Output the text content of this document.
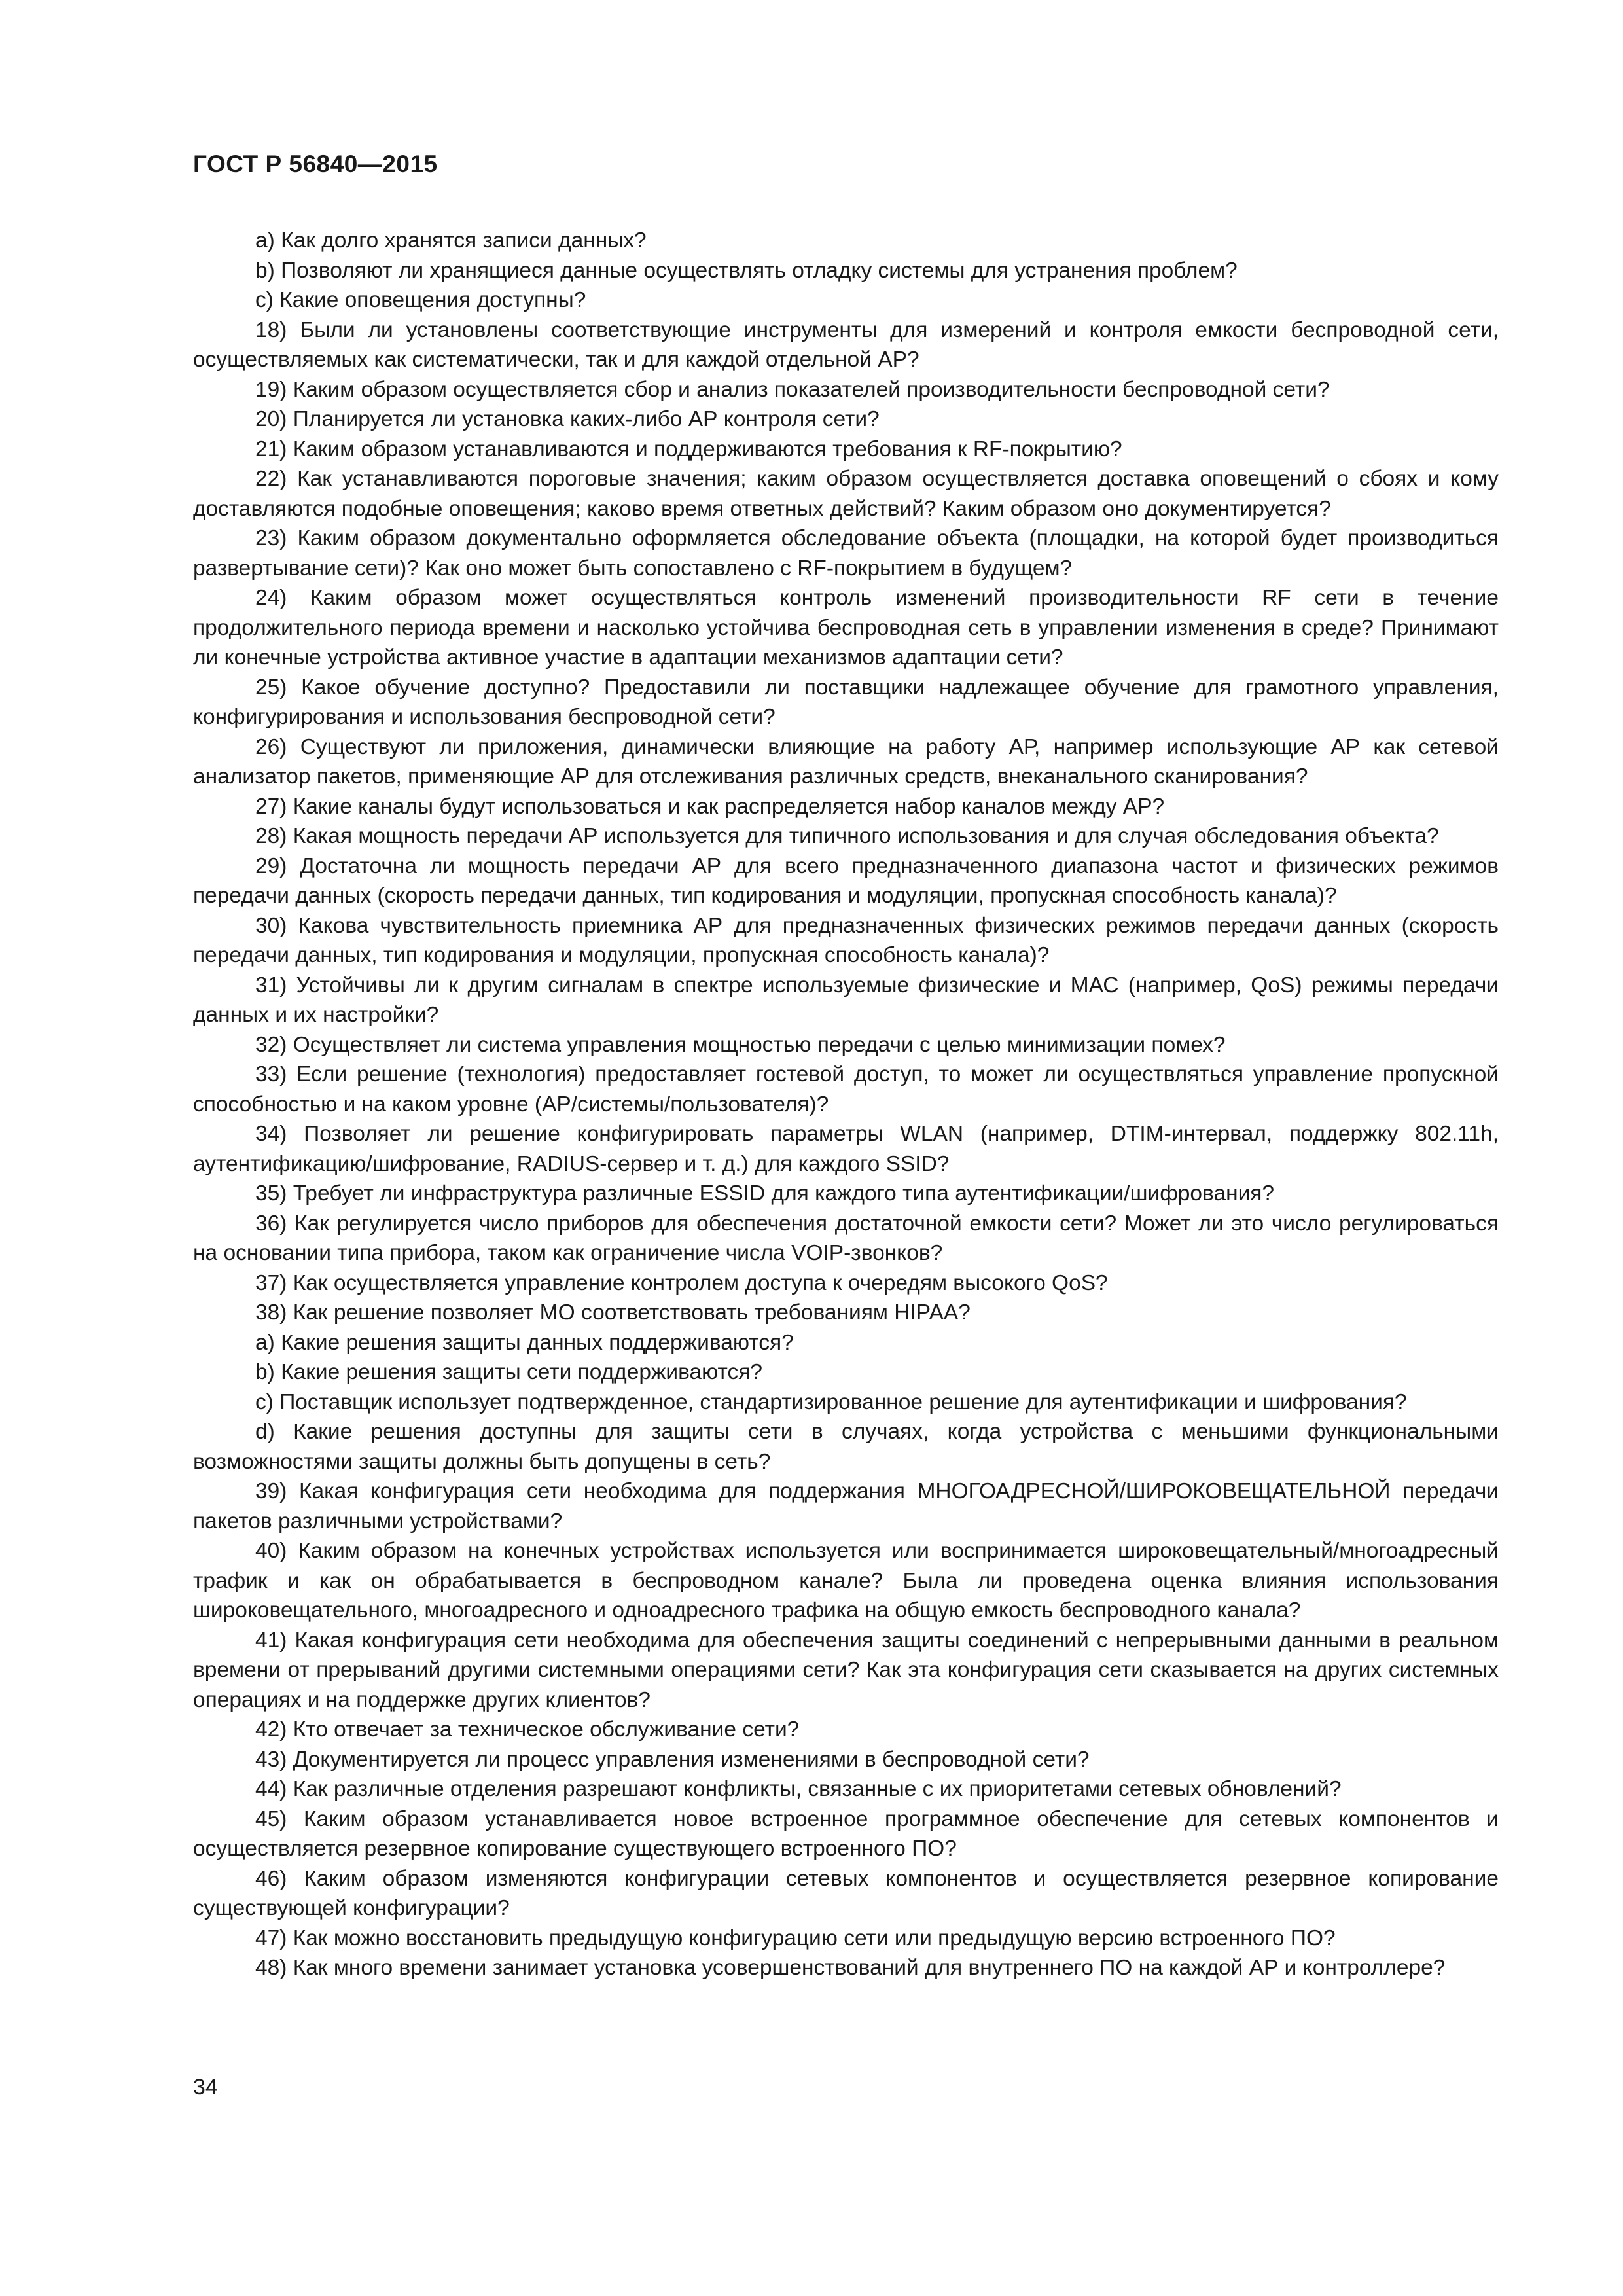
ГОСТ Р 56840—2015

a) Как долго хранятся записи данных?

b) Позволяют ли хранящиеся данные осуществлять отладку системы для устранения проблем?

c) Какие оповещения доступны?

18) Были ли установлены соответствующие инструменты для измерений и контроля емкости беспроводной сети, осуществляемых как систематически, так и для каждой отдельной АР?

19) Каким образом осуществляется сбор и анализ показателей производительности беспроводной сети?

20) Планируется ли установка каких-либо АР контроля сети?

21) Каким образом устанавливаются и поддерживаются требования к RF-покрытию?

22) Как устанавливаются пороговые значения; каким образом осуществляется доставка оповещений о сбоях и кому доставляются подобные оповещения; каково время ответных действий? Каким образом оно документируется?

23) Каким образом документально оформляется обследование объекта (площадки, на которой будет производиться развертывание сети)? Как оно может быть сопоставлено с RF-покрытием в будущем?

24) Каким образом может осуществляться контроль изменений производительности RF сети в течение продолжительного периода времени и насколько устойчива беспроводная сеть в управлении изменения в среде? Принимают ли конечные устройства активное участие в адаптации механизмов адаптации сети?

25) Какое обучение доступно? Предоставили ли поставщики надлежащее обучение для грамотного управления, конфигурирования и использования беспроводной сети?

26) Существуют ли приложения, динамически влияющие на работу АР, например использующие АР как сетевой анализатор пакетов, применяющие АР для отслеживания различных средств, внеканального сканирования?

27) Какие каналы будут использоваться и как распределяется набор каналов между АР?

28) Какая мощность передачи АР используется для типичного использования и для случая обследования объекта?

29) Достаточна ли мощность передачи АР для всего предназначенного диапазона частот и физических режимов передачи данных (скорость передачи данных, тип кодирования и модуляции, пропускная способность канала)?

30) Какова чувствительность приемника АР для предназначенных физических режимов передачи данных (скорость передачи данных, тип кодирования и модуляции, пропускная способность канала)?

31) Устойчивы ли к другим сигналам в спектре используемые физические и МАС (например, QoS) режимы передачи данных и их настройки?

32) Осуществляет ли система управления мощностью передачи с целью минимизации помех?

33) Если решение (технология) предоставляет гостевой доступ, то может ли осуществляться управление пропускной способностью и на каком уровне (АР/системы/пользователя)?

34) Позволяет ли решение конфигурировать параметры WLAN (например, DTIM-интервал, поддержку 802.11h, аутентификацию/шифрование, RADIUS-сервер и т. д.) для каждого SSID?

35) Требует ли инфраструктура различные ESSID для каждого типа аутентификации/шифрования?

36) Как регулируется число приборов для обеспечения достаточной емкости сети? Может ли это число регулироваться на основании типа прибора, таком как ограничение числа VOIP-звонков?

37) Как осуществляется управление контролем доступа к очередям высокого QoS?

38) Как решение позволяет МО соответствовать требованиям HIPAA?

a) Какие решения защиты данных поддерживаются?

b) Какие решения защиты сети поддерживаются?

c) Поставщик использует подтвержденное, стандартизированное решение для аутентификации и шифрования?

d) Какие решения доступны для защиты сети в случаях, когда устройства с меньшими функциональными возможностями защиты должны быть допущены в сеть?

39) Какая конфигурация сети необходима для поддержания МНОГОАДРЕСНОЙ/ШИРОКОВЕЩАТЕЛЬНОЙ передачи пакетов различными устройствами?

40) Каким образом на конечных устройствах используется или воспринимается широковещательный/многоадресный трафик и как он обрабатывается в беспроводном канале? Была ли проведена оценка влияния использования широковещательного, многоадресного и одноадресного трафика на общую емкость беспроводного канала?

41) Какая конфигурация сети необходима для обеспечения защиты соединений с непрерывными данными в реальном времени от прерываний другими системными операциями сети? Как эта конфигурация сети сказывается на других системных операциях и на поддержке других клиентов?

42) Кто отвечает за техническое обслуживание сети?

43) Документируется ли процесс управления изменениями в беспроводной сети?

44) Как различные отделения разрешают конфликты, связанные с их приоритетами сетевых обновлений?

45) Каким образом устанавливается новое встроенное программное обеспечение для сетевых компонентов и осуществляется резервное копирование существующего встроенного ПО?

46) Каким образом изменяются конфигурации сетевых компонентов и осуществляется резервное копирование существующей конфигурации?

47) Как можно восстановить предыдущую конфигурацию сети или предыдущую версию встроенного ПО?

48) Как много времени занимает установка усовершенствований для внутреннего ПО на каждой АР и контроллере?

34
